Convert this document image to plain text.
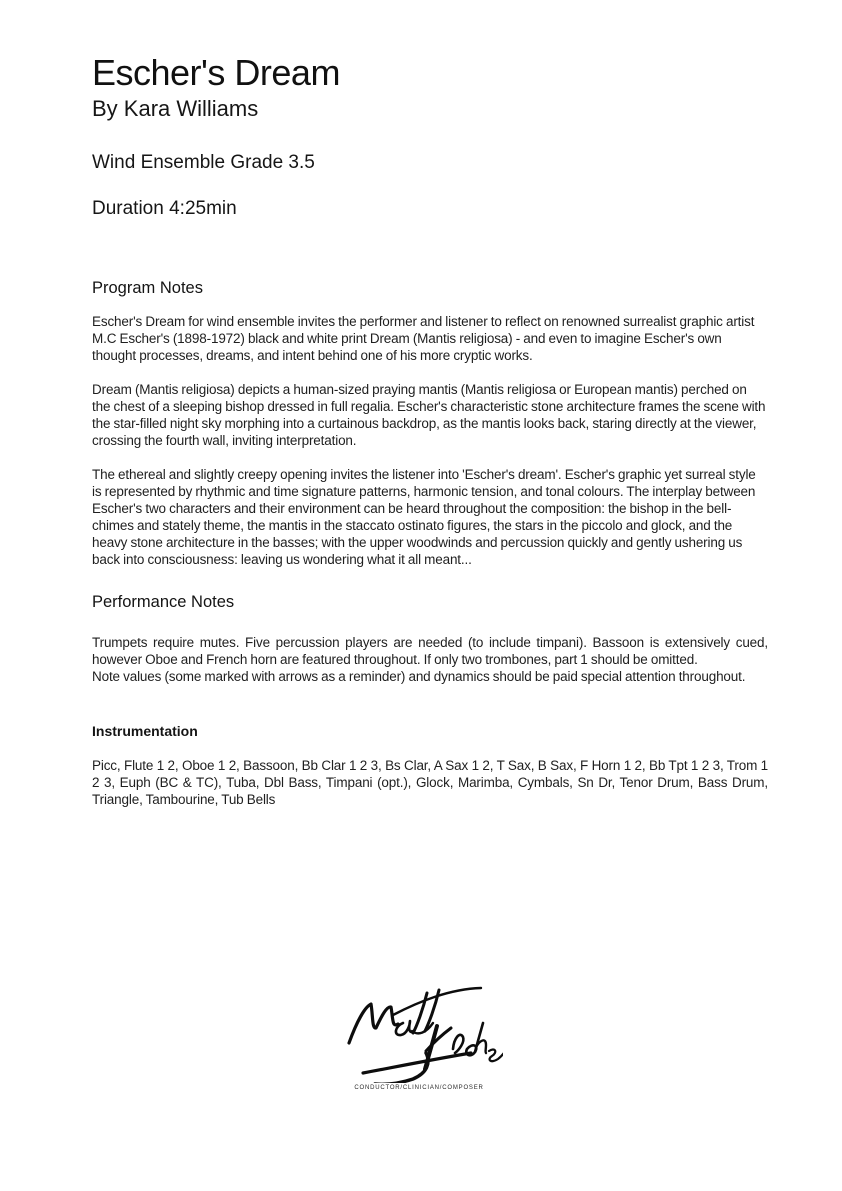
Escher's Dream
By Kara Williams
Wind Ensemble Grade 3.5
Duration 4:25min
Program Notes

Escher's Dream for wind ensemble invites the performer and listener to reflect on renowned surrealist graphic artist M.C Escher's (1898-1972) black and white print Dream (Mantis religiosa) - and even to imagine Escher's own thought processes, dreams, and intent behind one of his more cryptic works.

Dream (Mantis religiosa) depicts a human-sized praying mantis (Mantis religiosa or European mantis) perched on the chest of a sleeping bishop dressed in full regalia. Escher's characteristic stone architecture frames the scene with the star-filled night sky morphing into a curtainous backdrop, as the mantis looks back, staring directly at the viewer, crossing the fourth wall, inviting interpretation.

The ethereal and slightly creepy opening invites the listener into 'Escher's dream'. Escher's graphic yet surreal style is represented by rhythmic and time signature patterns, harmonic tension, and tonal colours. The interplay between Escher's two characters and their environment can be heard throughout the composition: the bishop in the bell-chimes and stately theme, the mantis in the staccato ostinato figures, the stars in the piccolo and glock, and the heavy stone architecture in the basses; with the upper woodwinds and percussion quickly and gently ushering us back into consciousness: leaving us wondering what it all meant...

Performance Notes

Trumpets require mutes. Five percussion players are needed (to include timpani). Bassoon is extensively cued, however Oboe and French horn are featured throughout. If only two trombones, part 1 should be omitted.

Note values (some marked with arrows as a reminder) and dynamics should be paid special attention throughout.

Instrumentation

Picc, Flute 1 2, Oboe 1 2, Bassoon, Bb Clar 1 2 3, Bs Clar, A Sax 1 2, T Sax, B Sax, F Horn 1 2, Bb Tpt 1 2 3, Trom 1 2 3, Euph (BC & TC), Tuba, Dbl Bass, Timpani (opt.), Glock, Marimba, Cymbals, Sn Dr, Tenor Drum, Bass Drum, Triangle, Tambourine, Tub Bells

CONDUCTOR/CLINICIAN/COMPOSER
